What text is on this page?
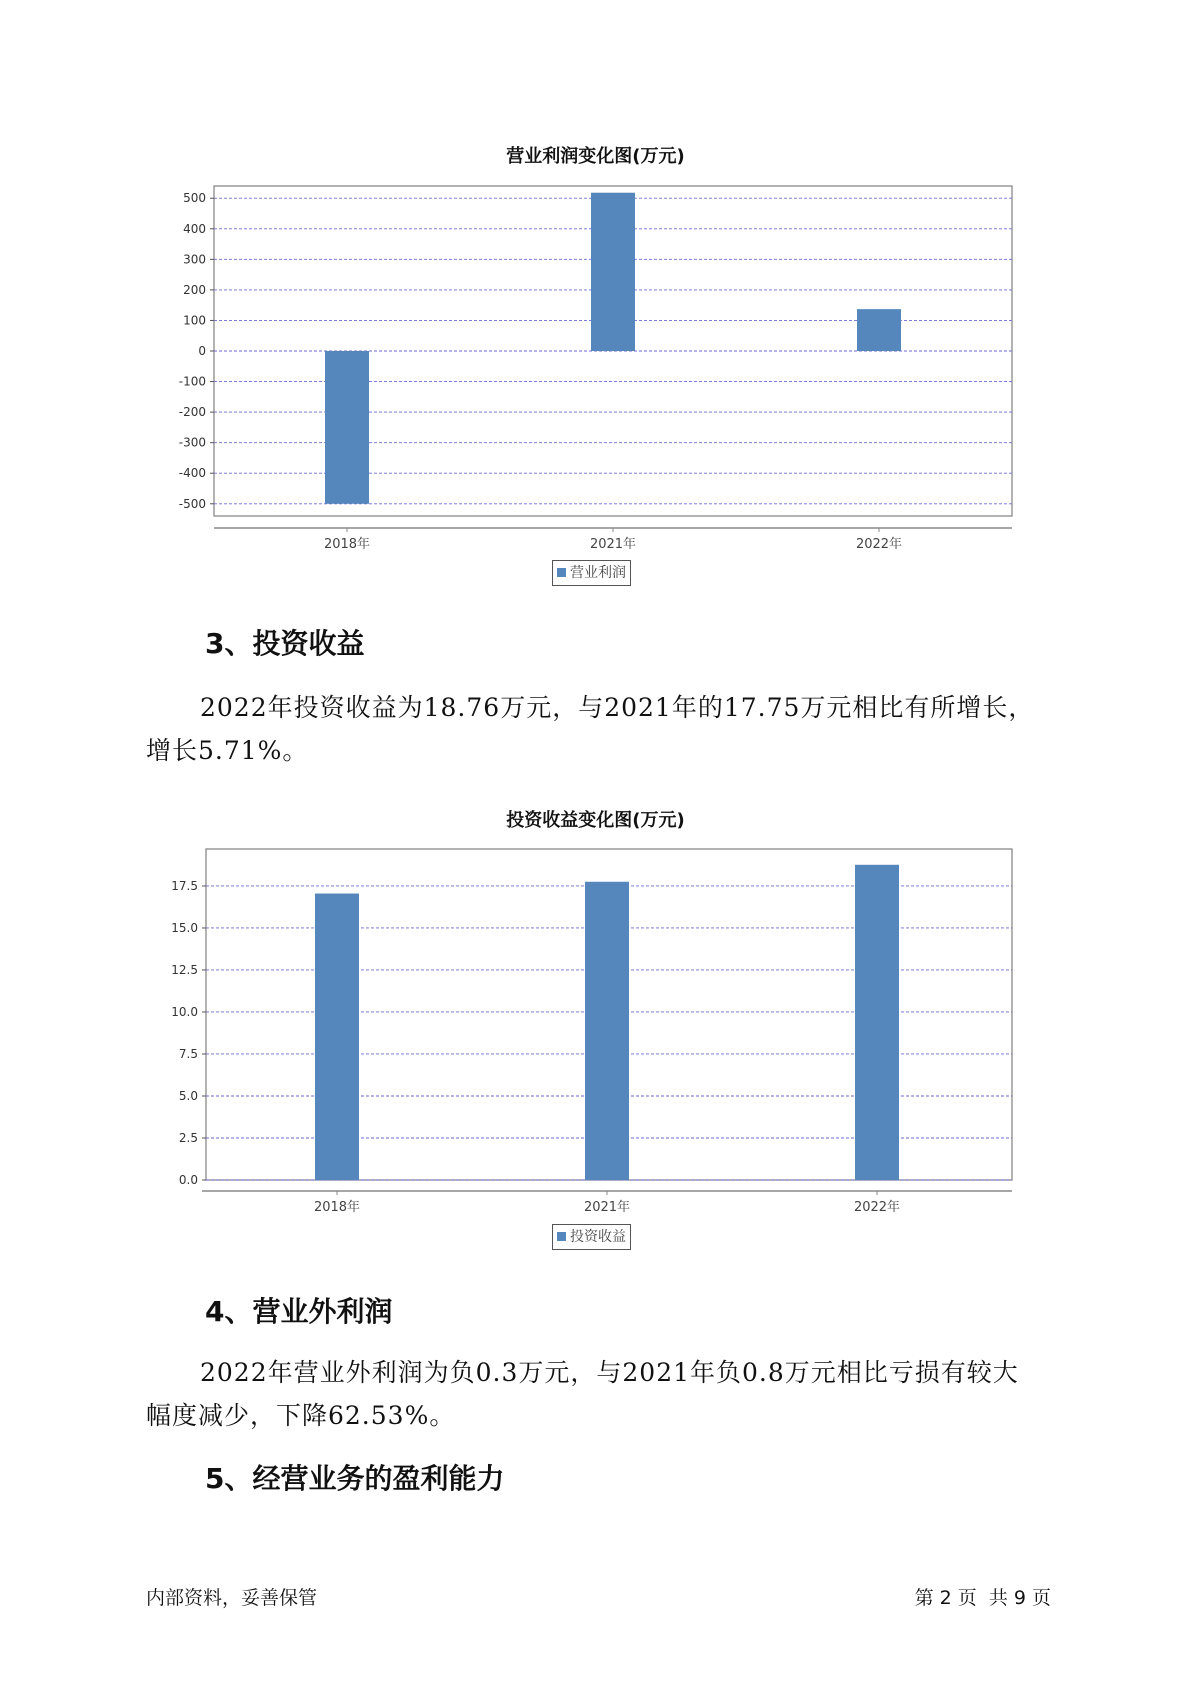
营业利润变化图(万元)
500
400
300
200
100
0
-100
-200
-300
-400
-500
2018年	2021年	2022年
营业利润
3、投资收益
2022年投资收益为18.76万元，与2021年的17.75万元相比有所增长，
增长5.71%。
投资收益变化图(万元)
17.5
15.0
12.5
10.0
7.5
5.0
2.5
0.0
2018年	2021年	2022年
投资收益
4、营业外利润
2022年营业外利润为负0.3万元，与2021年负0.8万元相比亏损有较大
幅度减少，下降62.53%。
5、经营业务的盈利能力
内部资料，妥善保管	第 2 页  共 9 页
